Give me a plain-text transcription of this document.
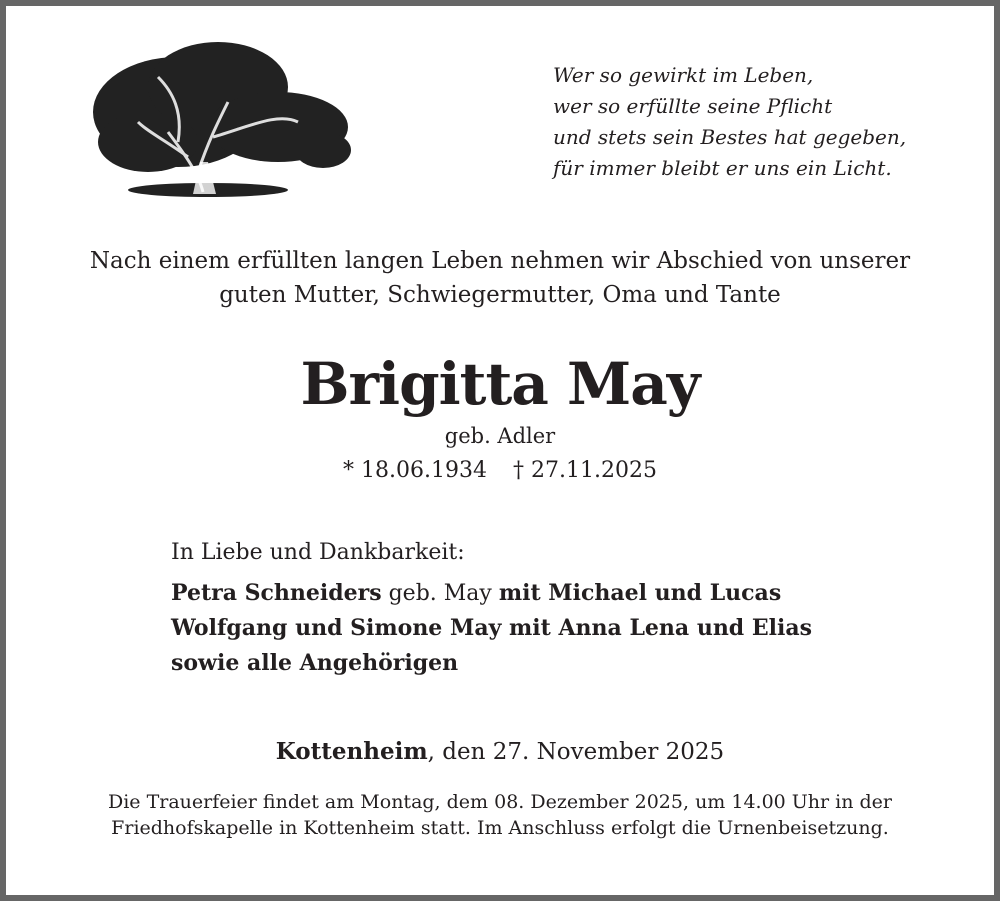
Wer so gewirkt im Leben,
wer so erfüllte seine Pflicht
und stets sein Bestes hat gegeben,
für immer bleibt er uns ein Licht.
Nach einem erfüllten langen Leben nehmen wir Abschied von unserer
guten Mutter, Schwiegermutter, Oma und Tante
Brigitta May
geb. Adler
* 18.06.1934 † 27.11.2025
In Liebe und Dankbarkeit:
Petra Schneiders geb. May mit Michael und Lucas
Wolfgang und Simone May mit Anna Lena und Elias
sowie alle Angehörigen
Kottenheim, den 27. November 2025
Die Trauerfeier findet am Montag, dem 08. Dezember 2025, um 14.00 Uhr in der
Friedhofskapelle in Kottenheim statt. Im Anschluss erfolgt die Urnenbeisetzung.
